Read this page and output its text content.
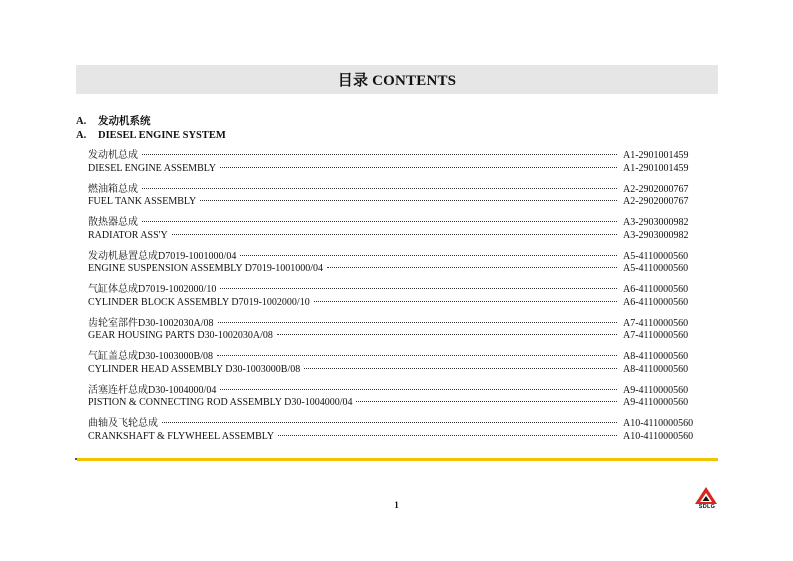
目录 CONTENTS
A. 发动机系统
A. DIESEL ENGINE SYSTEM
发动机总成	A1-2901001459
DIESEL ENGINE ASSEMBLY	A1-2901001459
燃油箱总成	A2-2902000767
FUEL TANK ASSEMBLY	A2-2902000767
散热器总成	A3-2903000982
RADIATOR ASS'Y	A3-2903000982
发动机悬置总成D7019-1001000/04	A5-4110000560
ENGINE SUSPENSION ASSEMBLY D7019-1001000/04	A5-4110000560
气缸体总成D7019-1002000/10	A6-4110000560
CYLINDER BLOCK ASSEMBLY D7019-1002000/10	A6-4110000560
齿轮室部件D30-1002030A/08	A7-4110000560
GEAR HOUSING PARTS D30-1002030A/08	A7-4110000560
气缸盖总成D30-1003000B/08	A8-4110000560
CYLINDER HEAD ASSEMBLY D30-1003000B/08	A8-4110000560
活塞连杆总成D30-1004000/04	A9-4110000560
PISTION & CONNECTING ROD ASSEMBLY D30-1004000/04	A9-4110000560
曲轴及飞轮总成	A10-4110000560
CRANKSHAFT & FLYWHEEL ASSEMBLY	A10-4110000560
1	SDLG
